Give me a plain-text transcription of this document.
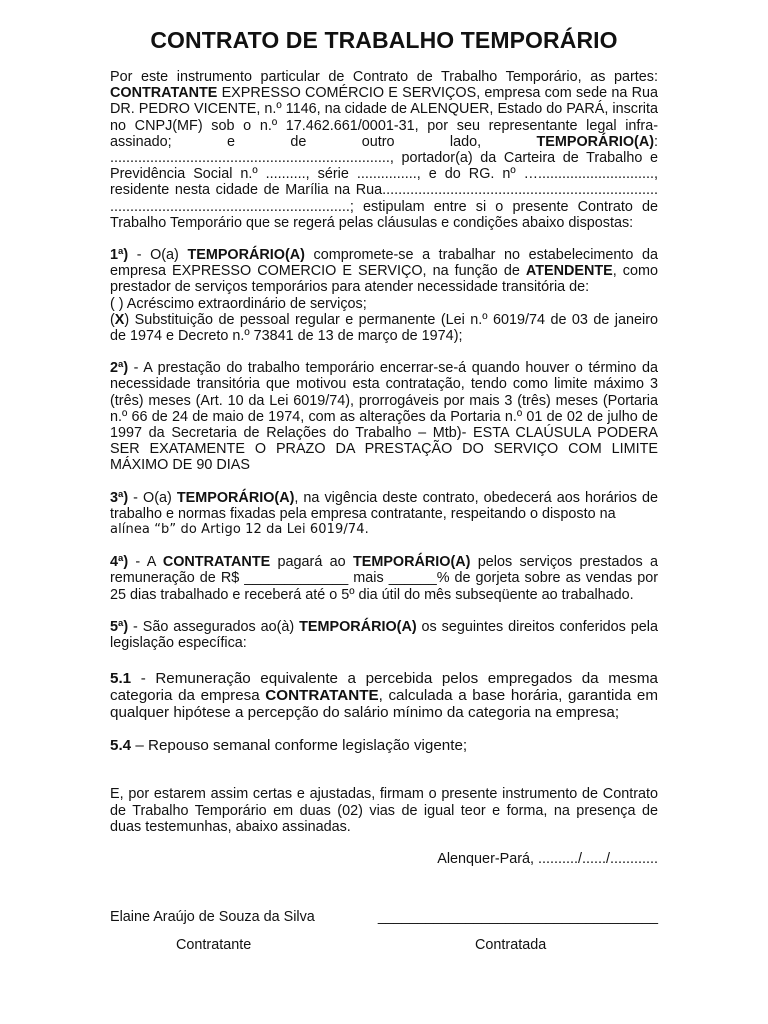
CONTRATO DE TRABALHO TEMPORÁRIO

Por este instrumento particular de Contrato de Trabalho Temporário, as partes: CONTRATANTE EXPRESSO COMÉRCIO E SERVIÇOS, empresa com sede na Rua DR. PEDRO VICENTE, n.º 1146, na cidade de ALENQUER, Estado do PARÁ, inscrita no CNPJ(MF) sob o n.º 17.462.661/0001-31, por seu representante legal infra-assinado; e de outro lado, TEMPORÁRIO(A): ......................................................................, portador(a) da Carteira de Trabalho e Previdência Social n.º .........., série ..............., e do RG. nº …............................., residente nesta cidade de Marília na Rua..................................................................... ............................................................; estipulam entre si o presente Contrato de Trabalho Temporário que se regerá pelas cláusulas e condições abaixo dispostas:

1ª) - O(a) TEMPORÁRIO(A) compromete-se a trabalhar no estabelecimento da empresa EXPRESSO COMERCIO E SERVIÇO, na função de ATENDENTE, como prestador de serviços temporários para atender necessidade transitória de:

( ) Acréscimo extraordinário de serviços;

(X) Substituição de pessoal regular e permanente (Lei n.º 6019/74 de 03 de janeiro de 1974 e Decreto n.º 73841 de 13 de março de 1974);

2ª) - A prestação do trabalho temporário encerrar-se-á quando houver o término da necessidade transitória que motivou esta contratação, tendo como limite máximo 3 (três) meses (Art. 10 da Lei 6019/74), prorrogáveis por mais 3 (três) meses (Portaria n.º 66 de 24 de maio de 1974, com as alterações da Portaria n.º 01 de 02 de julho de 1997 da Secretaria de Relações do Trabalho – Mtb)- ESTA CLAÚSULA PODERA SER EXATAMENTE O PRAZO DA PRESTAÇÃO DO SERVIÇO COM LIMITE MÁXIMO DE 90 DIAS

3ª) - O(a) TEMPORÁRIO(A), na vigência deste contrato, obedecerá aos horários de trabalho e normas fixadas pela empresa contratante, respeitando o disposto na

alínea “b” do Artigo 12 da Lei 6019/74.

4ª) - A CONTRATANTE pagará ao TEMPORÁRIO(A) pelos serviços prestados a remuneração de R$ _____________ mais ______% de gorjeta sobre as vendas por 25 dias trabalhado e receberá até o 5º dia útil do mês subseqüente ao trabalhado.

5ª) - São assegurados ao(à) TEMPORÁRIO(A) os seguintes direitos conferidos pela legislação específica:

5.1 - Remuneração equivalente a percebida pelos empregados da mesma categoria da empresa CONTRATANTE, calculada a base horária, garantida em qualquer hipótese a percepção do salário mínimo da categoria na empresa;

5.4 – Repouso semanal conforme legislação vigente;

E, por estarem assim certas e ajustadas, firmam o presente instrumento de Contrato de Trabalho Temporário em duas (02) vias de igual teor e forma, na presença de duas testemunhas, abaixo assinadas.

Alenquer-Pará, ........../....../............

Elaine Araújo de Souza da Silva	___________________________________
Contratante	Contratada
